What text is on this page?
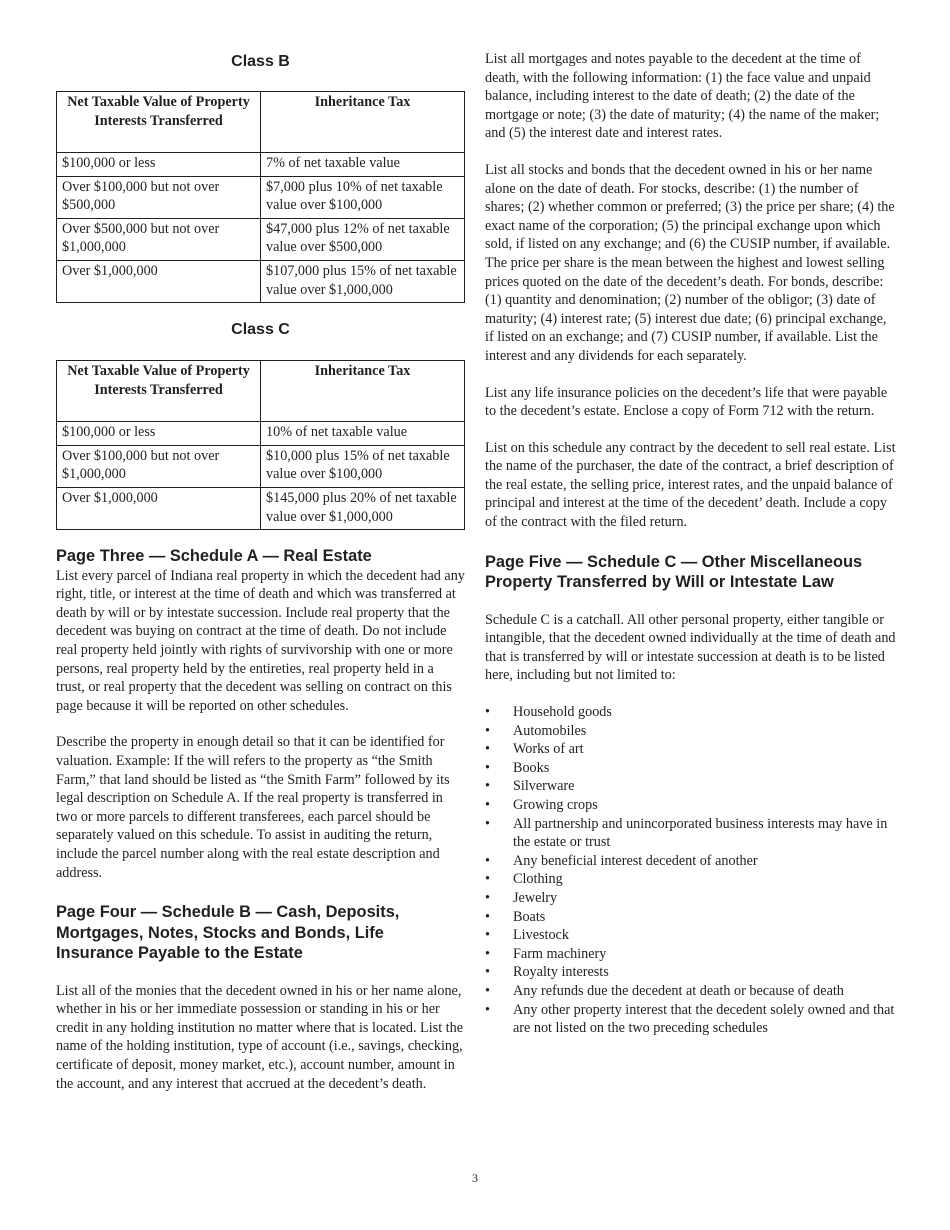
Class B
Net Taxable Value of Property Interests Transferred	Inheritance Tax
$100,000 or less	7% of net taxable value
Over $100,000 but not over $500,000	$7,000 plus 10% of net taxable value over $100,000
Over $500,000 but not over $1,000,000	$47,000 plus 12% of net taxable value over $500,000
Over $1,000,000	$107,000 plus 15% of net taxable value over $1,000,000
Class C
Net Taxable Value of Property Interests Transferred	Inheritance Tax
$100,000 or less	10% of net taxable value
Over $100,000 but not over $1,000,000	$10,000 plus 15% of net taxable value over $100,000
Over $1,000,000	$145,000 plus 20% of net taxable value over $1,000,000
Page Three — Schedule A — Real Estate

List every parcel of Indiana real property in which the decedent had any right, title, or interest at the time of death and which was transferred at death by will or by intestate succession. Include real property that the decedent was buying on contract at the time of death. Do not include real property held jointly with rights of survivorship with one or more persons, real property held by the entireties, real property held in a trust, or real property that the decedent was selling on contract on this page because it will be reported on other schedules.

Describe the property in enough detail so that it can be identified for valuation. Example: If the will refers to the property as “the Smith Farm,” that land should be listed as “the Smith Farm” followed by its legal description on Schedule A. If the real property is transferred in two or more parcels to different transferees, each parcel should be separately valued on this schedule. To assist in auditing the return, include the parcel number along with the real estate description and address.

Page Four — Schedule B — Cash, Deposits, Mortgages, Notes, Stocks and Bonds, Life Insurance Payable to the Estate

List all of the monies that the decedent owned in his or her name alone, whether in his or her immediate possession or standing in his or her credit in any holding institution no matter where that is located. List the name of the holding institution, type of account (i.e., savings, checking, certificate of deposit, money market, etc.), account number, amount in the account, and any interest that accrued at the decedent’s death.

List all mortgages and notes payable to the decedent at the time of death, with the following information: (1) the face value and unpaid balance, including interest to the date of death; (2) the date of the mortgage or note; (3) the date of maturity; (4) the name of the maker; and (5) the interest date and interest rates.

List all stocks and bonds that the decedent owned in his or her name alone on the date of death. For stocks, describe: (1) the number of shares; (2) whether common or preferred; (3) the price per share; (4) the exact name of the corporation; (5) the principal exchange upon which sold, if listed on any exchange; and (6) the CUSIP number, if available. The price per share is the mean between the highest and lowest selling prices quoted on the date of the decedent’s death. For bonds, describe: (1) quantity and denomination; (2) number of the obligor; (3) date of maturity; (4) interest rate; (5) interest due date; (6) principal exchange, if listed on an exchange; and (7) CUSIP number, if available. List the interest and any dividends for each separately.

List any life insurance policies on the decedent’s life that were payable to the decedent’s estate. Enclose a copy of Form 712 with the return.

List on this schedule any contract by the decedent to sell real estate. List the name of the purchaser, the date of the contract, a brief description of the real estate, the selling price, interest rates, and the unpaid balance of principal and interest at the time of the decedent’ death. Include a copy of the contract with the filed return.

Page Five — Schedule C — Other Miscellaneous Property Transferred by Will or Intestate Law

Schedule C is a catchall. All other personal property, either tangible or intangible, that the decedent owned individually at the time of death and that is transferred by will or intestate succession at death is to be listed here, including but not limited to:

• Household goods
• Automobiles
• Works of art
• Books
• Silverware
• Growing crops
• All partnership and unincorporated business interests may have in the estate or trust
• Any beneficial interest decedent of another
• Clothing
• Jewelry
• Boats
• Livestock
• Farm machinery
• Royalty interests
• Any refunds due the decedent at death or because of death
• Any other property interest that the decedent solely owned and that are not listed on the two preceding schedules
3
